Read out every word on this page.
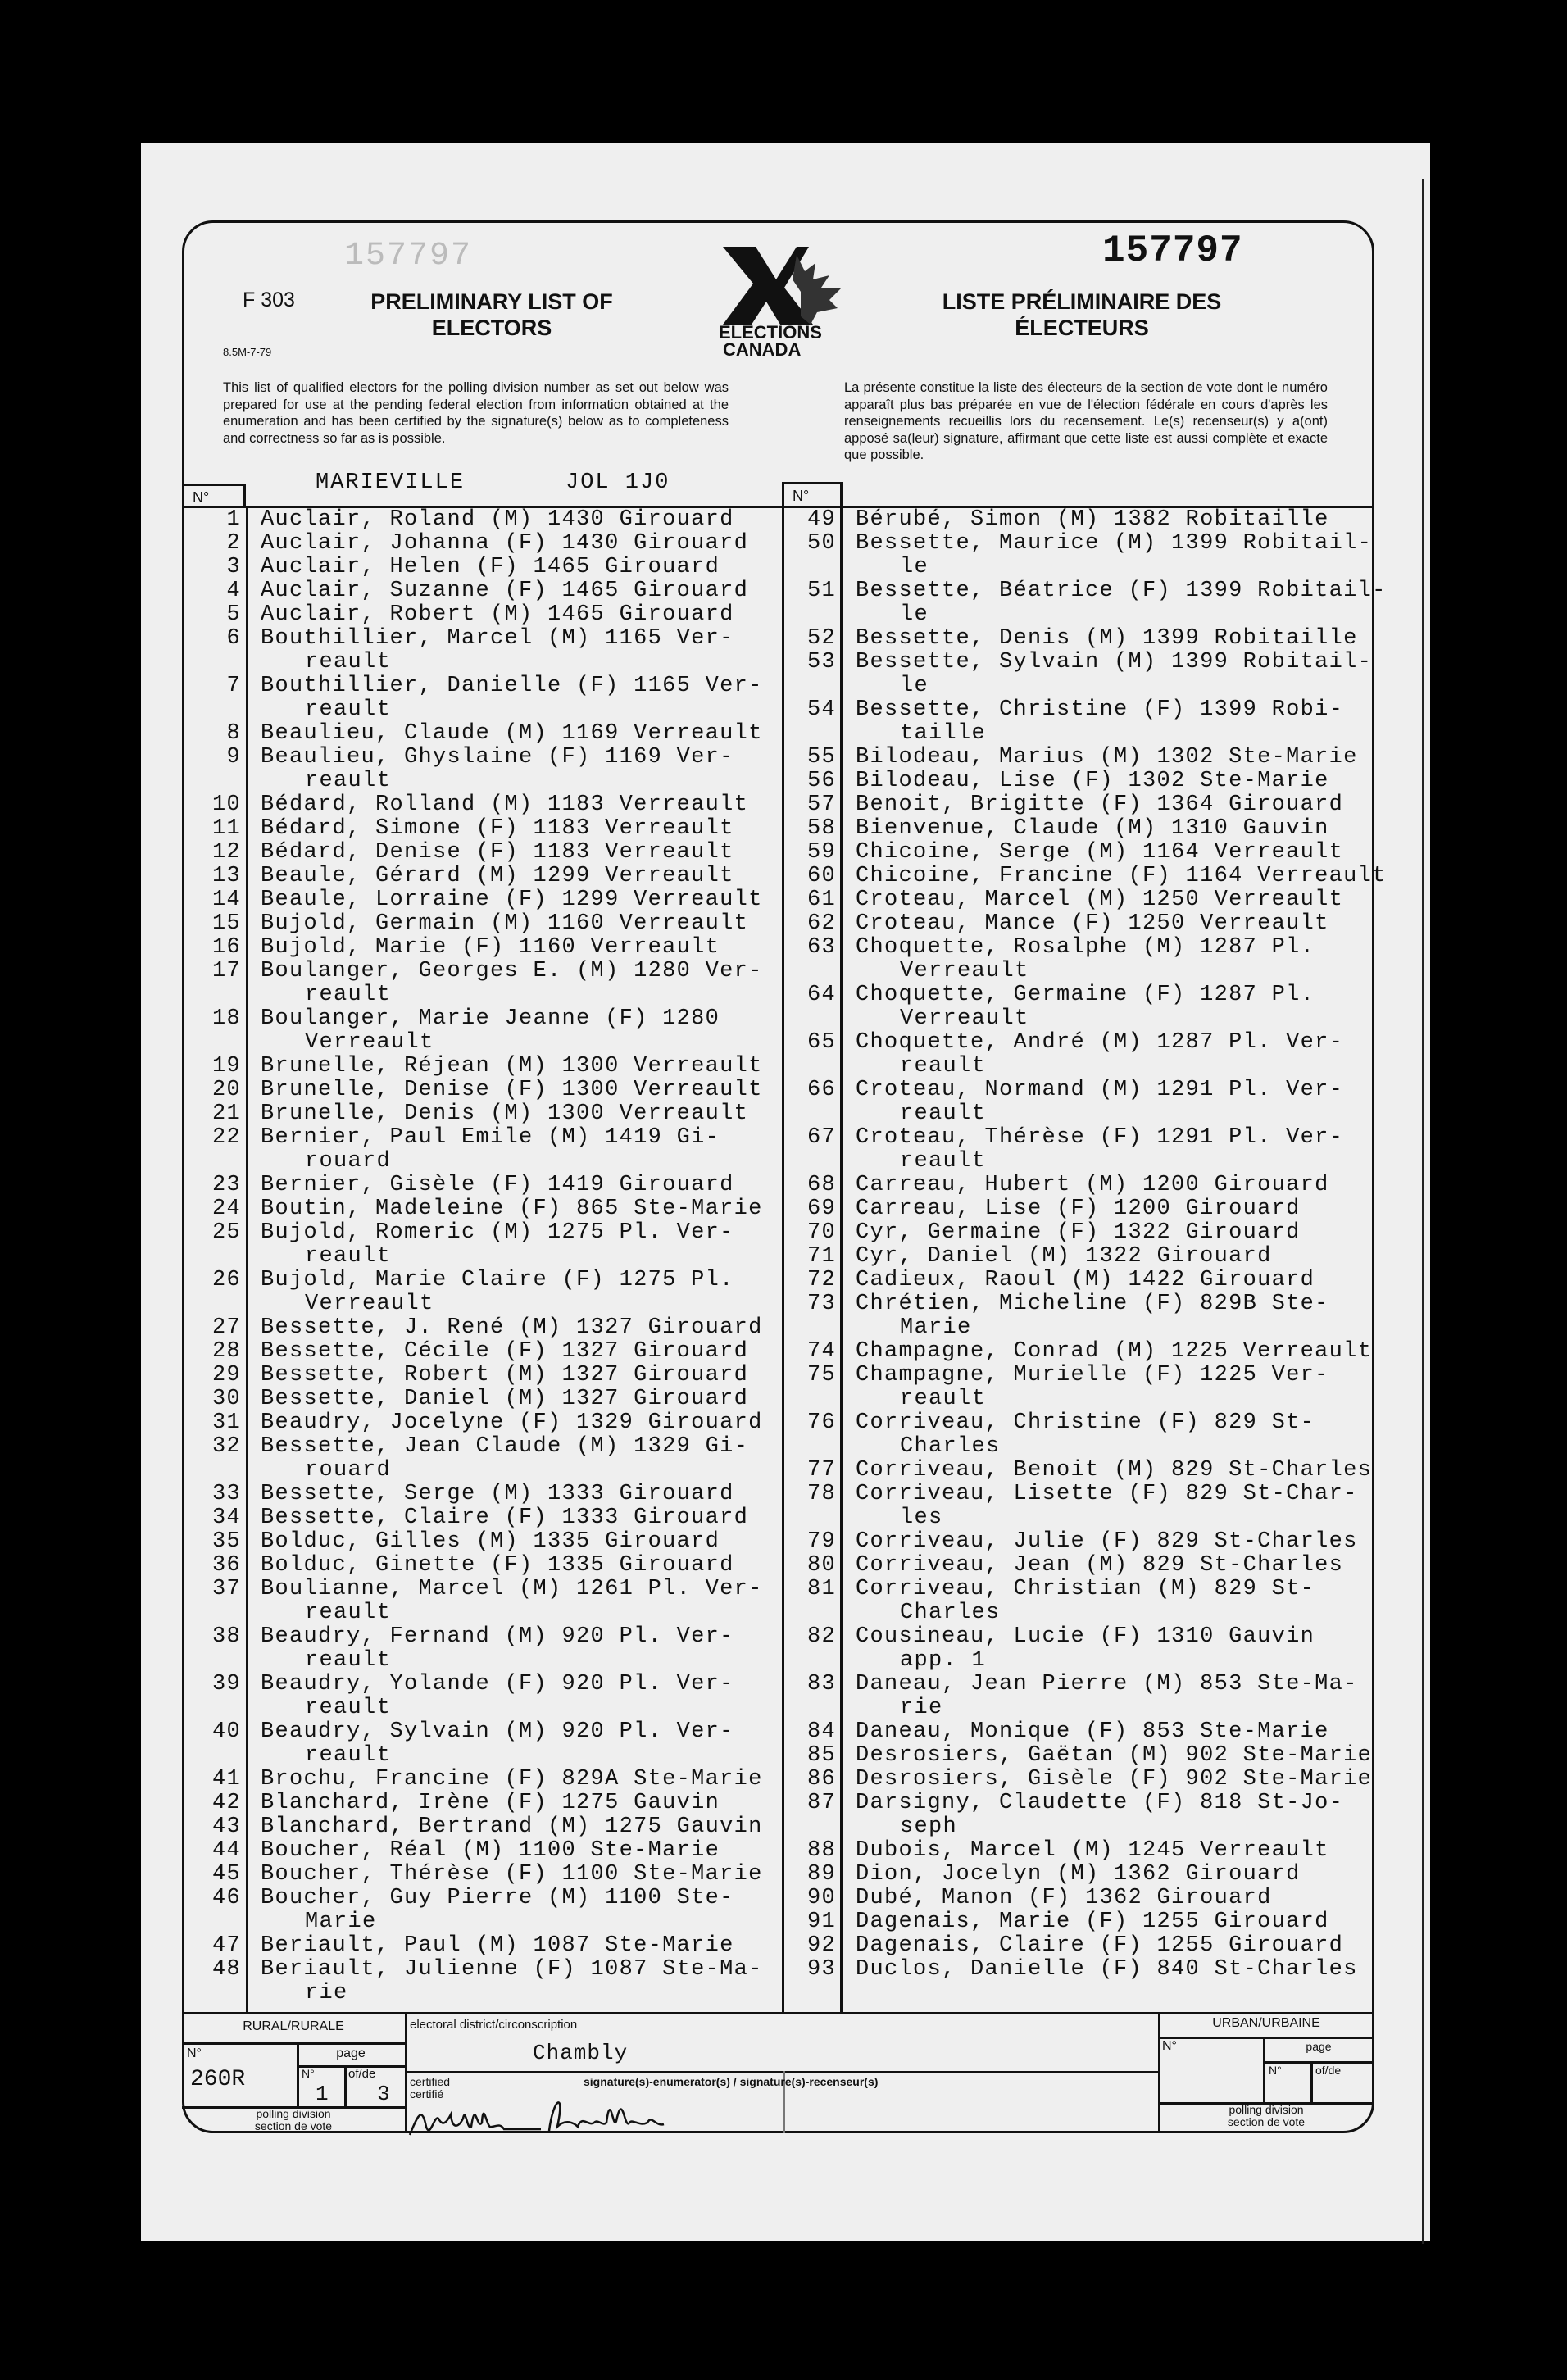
157797
F 303	PRELIMINARY LIST OF
ELECTORS
8.5M-7-79
ELECTIONS
CANADA
157797
LISTE PRÉLIMINAIRE DES
ÉLECTEURS
This list of qualified electors for the polling division number as set out below was prepared for use at the pending federal election from information obtained at the enumeration and has been certified by the signature(s) below as to completeness and correctness so far as is possible.
La présente constitue la liste des électeurs de la section de vote dont le numéro apparaît plus bas préparée en vue de l'élection fédérale en cours d'après les renseignements recueillis lors du recensement. Le(s) recenseur(s) y a(ont) apposé sa(leur) signature, affirmant que cette liste est aussi complète et exacte que possible.
MARIEVILLE	JOL 1J0
N°	N°
1 Auclair, Roland (M) 1430 Girouard
2 Auclair, Johanna (F) 1430 Girouard
3 Auclair, Helen (F) 1465 Girouard
4 Auclair, Suzanne (F) 1465 Girouard
5 Auclair, Robert (M) 1465 Girouard
6 Bouthillier, Marcel (M) 1165 Ver-
reault
7 Bouthillier, Danielle (F) 1165 Ver-
reault
8 Beaulieu, Claude (M) 1169 Verreault
9 Beaulieu, Ghyslaine (F) 1169 Ver-
reault
10 Bédard, Rolland (M) 1183 Verreault
11 Bédard, Simone (F) 1183 Verreault
12 Bédard, Denise (F) 1183 Verreault
13 Beaule, Gérard (M) 1299 Verreault
14 Beaule, Lorraine (F) 1299 Verreault
15 Bujold, Germain (M) 1160 Verreault
16 Bujold, Marie (F) 1160 Verreault
17 Boulanger, Georges E. (M) 1280 Ver-
reault
18 Boulanger, Marie Jeanne (F) 1280
Verreault
19 Brunelle, Réjean (M) 1300 Verreault
20 Brunelle, Denise (F) 1300 Verreault
21 Brunelle, Denis (M) 1300 Verreault
22 Bernier, Paul Emile (M) 1419 Gi-
rouard
23 Bernier, Gisèle (F) 1419 Girouard
24 Boutin, Madeleine (F) 865 Ste-Marie
25 Bujold, Romeric (M) 1275 Pl. Ver-
reault
26 Bujold, Marie Claire (F) 1275 Pl.
Verreault
27 Bessette, J. René (M) 1327 Girouard
28 Bessette, Cécile (F) 1327 Girouard
29 Bessette, Robert (M) 1327 Girouard
30 Bessette, Daniel (M) 1327 Girouard
31 Beaudry, Jocelyne (F) 1329 Girouard
32 Bessette, Jean Claude (M) 1329 Gi-
rouard
33 Bessette, Serge (M) 1333 Girouard
34 Bessette, Claire (F) 1333 Girouard
35 Bolduc, Gilles (M) 1335 Girouard
36 Bolduc, Ginette (F) 1335 Girouard
37 Boulianne, Marcel (M) 1261 Pl. Ver-
reault
38 Beaudry, Fernand (M) 920 Pl. Ver-
reault
39 Beaudry, Yolande (F) 920 Pl. Ver-
reault
40 Beaudry, Sylvain (M) 920 Pl. Ver-
reault
41 Brochu, Francine (F) 829A Ste-Marie
42 Blanchard, Irène (F) 1275 Gauvin
43 Blanchard, Bertrand (M) 1275 Gauvin
44 Boucher, Réal (M) 1100 Ste-Marie
45 Boucher, Thérèse (F) 1100 Ste-Marie
46 Boucher, Guy Pierre (M) 1100 Ste-
Marie
47 Beriault, Paul (M) 1087 Ste-Marie
48 Beriault, Julienne (F) 1087 Ste-Ma-
rie
49 Bérubé, Simon (M) 1382 Robitaille
50 Bessette, Maurice (M) 1399 Robitail-
le
51 Bessette, Béatrice (F) 1399 Robitail-
le
52 Bessette, Denis (M) 1399 Robitaille
53 Bessette, Sylvain (M) 1399 Robitail-
le
54 Bessette, Christine (F) 1399 Robi-
taille
55 Bilodeau, Marius (M) 1302 Ste-Marie
56 Bilodeau, Lise (F) 1302 Ste-Marie
57 Benoit, Brigitte (F) 1364 Girouard
58 Bienvenue, Claude (M) 1310 Gauvin
59 Chicoine, Serge (M) 1164 Verreault
60 Chicoine, Francine (F) 1164 Verreault
61 Croteau, Marcel (M) 1250 Verreault
62 Croteau, Mance (F) 1250 Verreault
63 Choquette, Rosalphe (M) 1287 Pl.
Verreault
64 Choquette, Germaine (F) 1287 Pl.
Verreault
65 Choquette, André (M) 1287 Pl. Ver-
reault
66 Croteau, Normand (M) 1291 Pl. Ver-
reault
67 Croteau, Thérèse (F) 1291 Pl. Ver-
reault
68 Carreau, Hubert (M) 1200 Girouard
69 Carreau, Lise (F) 1200 Girouard
70 Cyr, Germaine (F) 1322 Girouard
71 Cyr, Daniel (M) 1322 Girouard
72 Cadieux, Raoul (M) 1422 Girouard
73 Chrétien, Micheline (F) 829B Ste-
Marie
74 Champagne, Conrad (M) 1225 Verreault
75 Champagne, Murielle (F) 1225 Ver-
reault
76 Corriveau, Christine (F) 829 St-
Charles
77 Corriveau, Benoit (M) 829 St-Charles
78 Corriveau, Lisette (F) 829 St-Char-
les
79 Corriveau, Julie (F) 829 St-Charles
80 Corriveau, Jean (M) 829 St-Charles
81 Corriveau, Christian (M) 829 St-
Charles
82 Cousineau, Lucie (F) 1310 Gauvin
app. 1
83 Daneau, Jean Pierre (M) 853 Ste-Ma-
rie
84 Daneau, Monique (F) 853 Ste-Marie
85 Desrosiers, Gaëtan (M) 902 Ste-Marie
86 Desrosiers, Gisèle (F) 902 Ste-Marie
87 Darsigny, Claudette (F) 818 St-Jo-
seph
88 Dubois, Marcel (M) 1245 Verreault
89 Dion, Jocelyn (M) 1362 Girouard
90 Dubé, Manon (F) 1362 Girouard
91 Dagenais, Marie (F) 1255 Girouard
92 Dagenais, Claire (F) 1255 Girouard
93 Duclos, Danielle (F) 840 St-Charles
RURAL/RURALE
N°	page
260R	N°	of/de
1 3
polling division
section de vote
electoral district/circonscription
Chambly
certified
certifié
signature(s)-enumerator(s) / signature(s)-recenseur(s)
URBAN/URBAINE
N°	page
N°	of/de
polling division
section de vote
